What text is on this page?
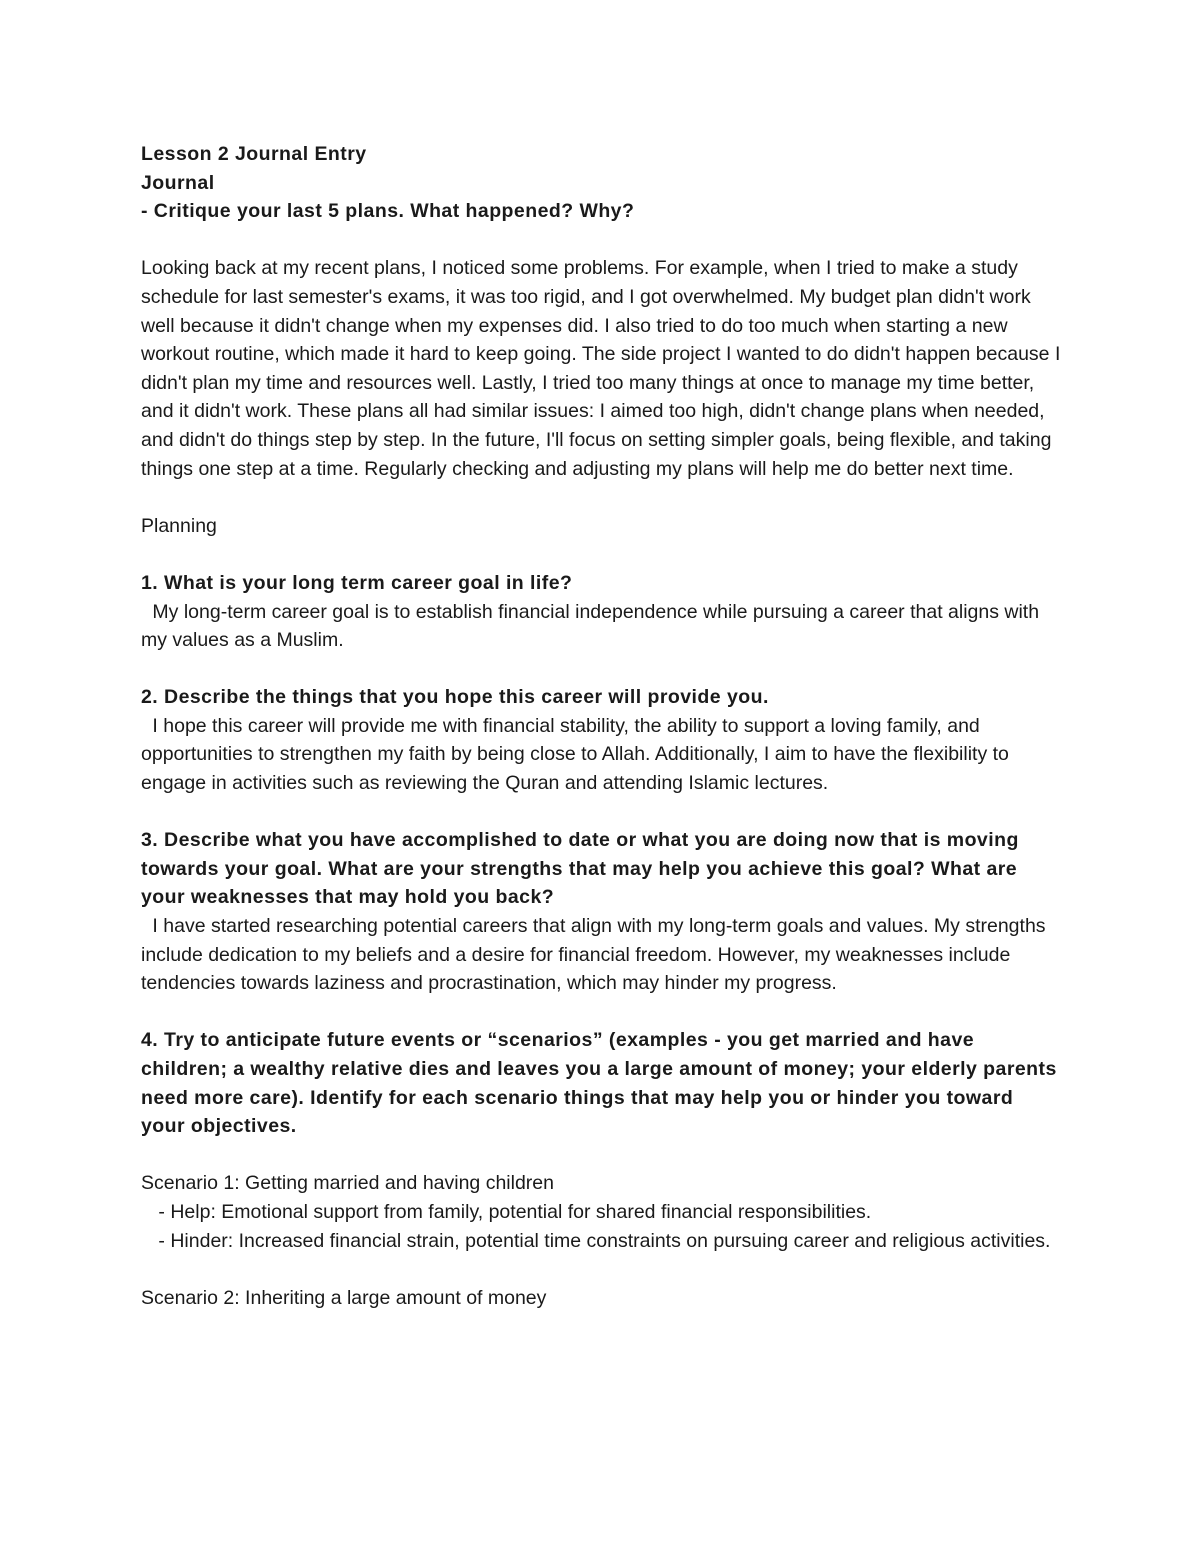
Lesson 2 Journal Entry

Journal

- Critique your last 5 plans. What happened? Why?

Looking back at my recent plans, I noticed some problems. For example, when I tried to make a study schedule for last semester's exams, it was too rigid, and I got overwhelmed. My budget plan didn't work well because it didn't change when my expenses did. I also tried to do too much when starting a new workout routine, which made it hard to keep going. The side project I wanted to do didn't happen because I didn't plan my time and resources well. Lastly, I tried too many things at once to manage my time better, and it didn't work. These plans all had similar issues: I aimed too high, didn't change plans when needed, and didn't do things step by step. In the future, I'll focus on setting simpler goals, being flexible, and taking things one step at a time. Regularly checking and adjusting my plans will help me do better next time.

Planning

1. What is your long term career goal in life?

My long-term career goal is to establish financial independence while pursuing a career that aligns with my values as a Muslim.

2. Describe the things that you hope this career will provide you.

I hope this career will provide me with financial stability, the ability to support a loving family, and opportunities to strengthen my faith by being close to Allah. Additionally, I aim to have the flexibility to engage in activities such as reviewing the Quran and attending Islamic lectures.

3. Describe what you have accomplished to date or what you are doing now that is moving towards your goal. What are your strengths that may help you achieve this goal? What are your weaknesses that may hold you back?

I have started researching potential careers that align with my long-term goals and values. My strengths include dedication to my beliefs and a desire for financial freedom. However, my weaknesses include tendencies towards laziness and procrastination, which may hinder my progress.

4. Try to anticipate future events or “scenarios” (examples - you get married and have children; a wealthy relative dies and leaves you a large amount of money; your elderly parents need more care). Identify for each scenario things that may help you or hinder you toward your objectives.

Scenario 1: Getting married and having children

- Help: Emotional support from family, potential for shared financial responsibilities.

- Hinder: Increased financial strain, potential time constraints on pursuing career and religious activities.

Scenario 2: Inheriting a large amount of money
